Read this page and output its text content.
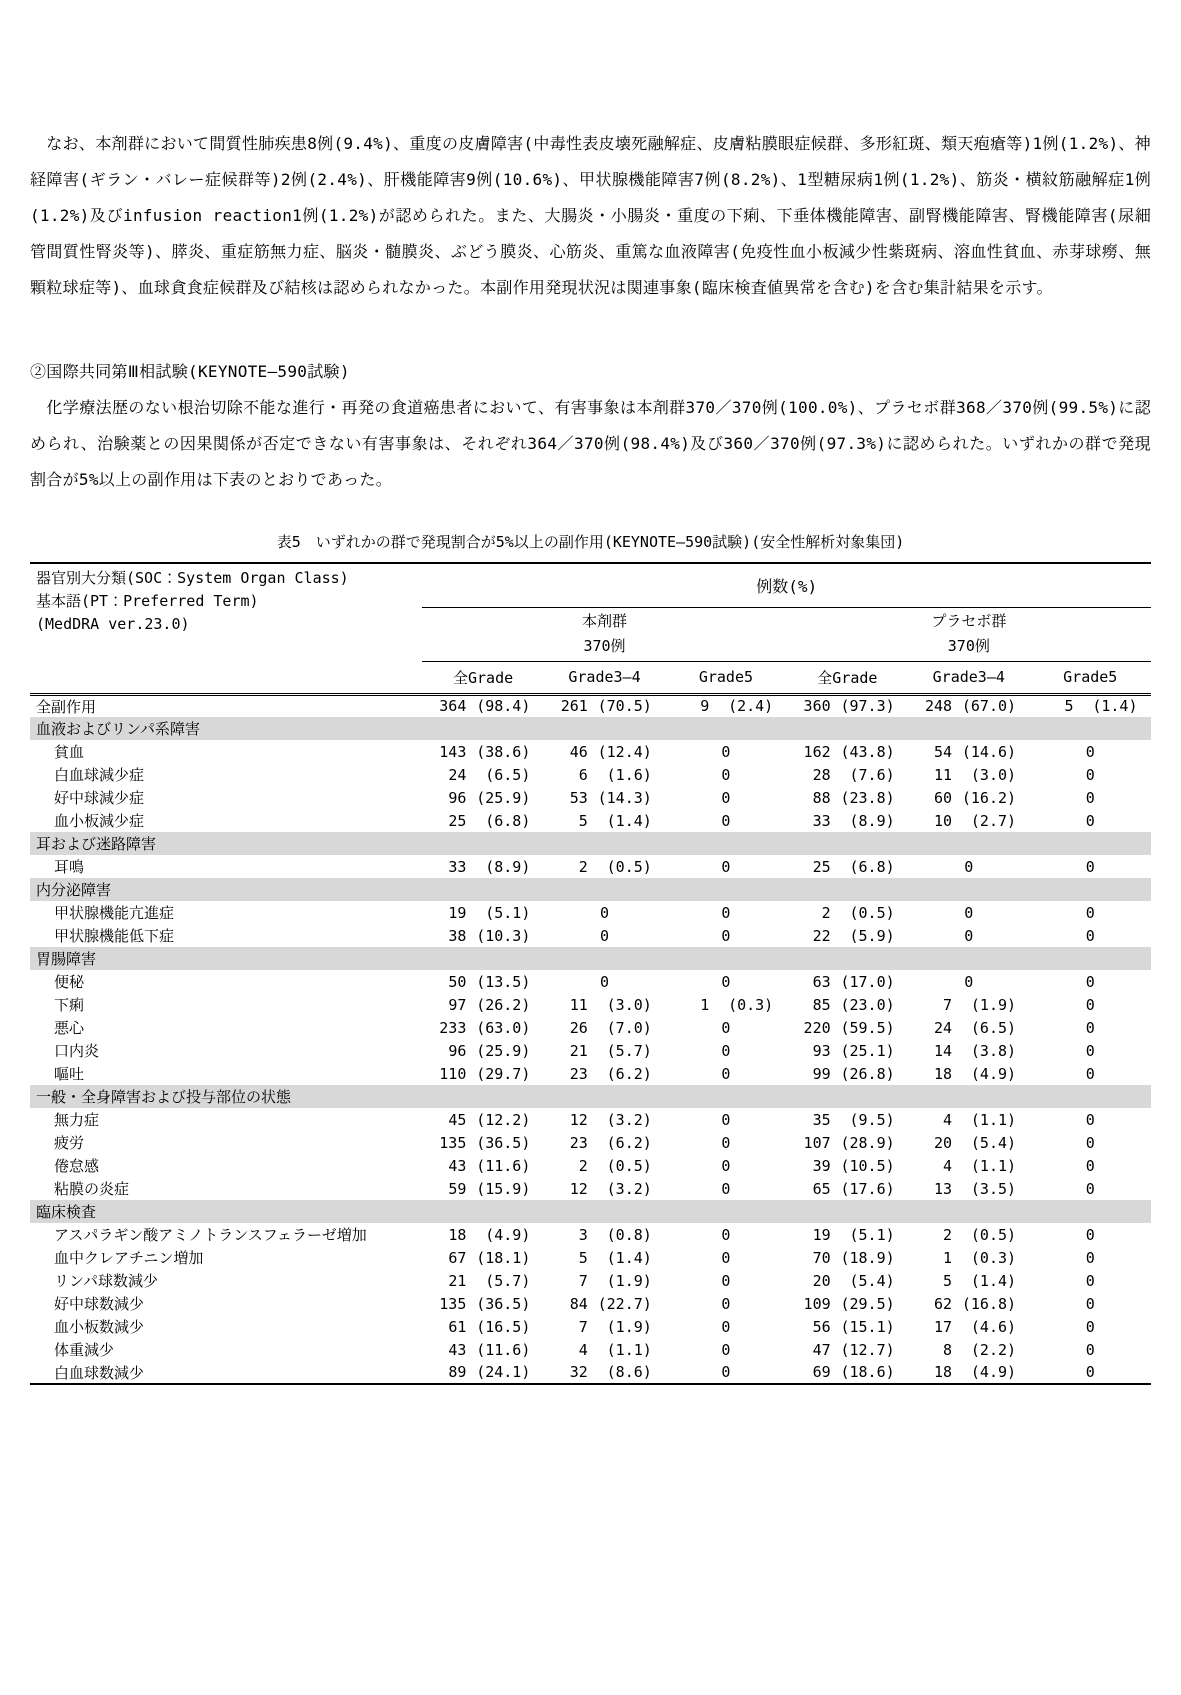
　なお、本剤群において間質性肺疾患8例(9.4%)、重度の皮膚障害(中毒性表皮壊死融解症、皮膚粘膜眼症候群、多形紅斑、類天疱瘡等)1例(1.2%)、神経障害(ギラン・バレー症候群等)2例(2.4%)、肝機能障害9例(10.6%)、甲状腺機能障害7例(8.2%)、1型糖尿病1例(1.2%)、筋炎・横紋筋融解症1例(1.2%)及びinfusion reaction1例(1.2%)が認められた。また、大腸炎・小腸炎・重度の下痢、下垂体機能障害、副腎機能障害、腎機能障害(尿細管間質性腎炎等)、膵炎、重症筋無力症、脳炎・髄膜炎、ぶどう膜炎、心筋炎、重篤な血液障害(免疫性血小板減少性紫斑病、溶血性貧血、赤芽球癆、無顆粒球症等)、血球貪食症候群及び結核は認められなかった。本副作用発現状況は関連事象(臨床検査値異常を含む)を含む集計結果を示す。

②国際共同第Ⅲ相試験(KEYNOTE—590試験)

　化学療法歴のない根治切除不能な進行・再発の食道癌患者において、有害事象は本剤群370／370例(100.0%)、プラセボ群368／370例(99.5%)に認められ、治験薬との因果関係が否定できない有害事象は、それぞれ364／370例(98.4%)及び360／370例(97.3%)に認められた。いずれかの群で発現割合が5%以上の副作用は下表のとおりであった。

表5　いずれかの群で発現割合が5%以上の副作用(KEYNOTE—590試験)(安全性解析対象集団)
器官別大分類(SOC：System Organ Class)
基本語(PT：Preferred Term)
(MedDRA ver.23.0)	例数(%)					

本剤群
370例

プラセボ群
370例

	全Grade	Grade3—4	Grade5	全Grade	Grade3—4	Grade5
全副作用	364 (98.4)	261 (70.5)	9 (2.4)	360 (97.3)	248 (67.0)	5 (1.4)
血液およびリンパ系障害						
貧血	143 (38.6)	46 (12.4)	0	162 (43.8)	54 (14.6)	0
白血球減少症	24 (6.5)	6 (1.6)	0	28 (7.6)	11 (3.0)	0
好中球減少症	96 (25.9)	53 (14.3)	0	88 (23.8)	60 (16.2)	0
血小板減少症	25 (6.8)	5 (1.4)	0	33 (8.9)	10 (2.7)	0
耳および迷路障害						
耳鳴	33 (8.9)	2 (0.5)	0	25 (6.8)	0	0
内分泌障害						
甲状腺機能亢進症	19 (5.1)	0	0	2 (0.5)	0	0
甲状腺機能低下症	38 (10.3)	0	0	22 (5.9)	0	0
胃腸障害						
便秘	50 (13.5)	0	0	63 (17.0)	0	0
下痢	97 (26.2)	11 (3.0)	1 (0.3)	85 (23.0)	7 (1.9)	0
悪心	233 (63.0)	26 (7.0)	0	220 (59.5)	24 (6.5)	0
口内炎	96 (25.9)	21 (5.7)	0	93 (25.1)	14 (3.8)	0
嘔吐	110 (29.7)	23 (6.2)	0	99 (26.8)	18 (4.9)	0
一般・全身障害および投与部位の状態						
無力症	45 (12.2)	12 (3.2)	0	35 (9.5)	4 (1.1)	0
疲労	135 (36.5)	23 (6.2)	0	107 (28.9)	20 (5.4)	0
倦怠感	43 (11.6)	2 (0.5)	0	39 (10.5)	4 (1.1)	0
粘膜の炎症	59 (15.9)	12 (3.2)	0	65 (17.6)	13 (3.5)	0
臨床検査						
アスパラギン酸アミノトランスフェラーゼ増加	18 (4.9)	3 (0.8)	0	19 (5.1)	2 (0.5)	0
血中クレアチニン増加	67 (18.1)	5 (1.4)	0	70 (18.9)	1 (0.3)	0
リンパ球数減少	21 (5.7)	7 (1.9)	0	20 (5.4)	5 (1.4)	0
好中球数減少	135 (36.5)	84 (22.7)	0	109 (29.5)	62 (16.8)	0
血小板数減少	61 (16.5)	7 (1.9)	0	56 (15.1)	17 (4.6)	0
体重減少	43 (11.6)	4 (1.1)	0	47 (12.7)	8 (2.2)	0
白血球数減少	89 (24.1)	32 (8.6)	0	69 (18.6)	18 (4.9)	0
